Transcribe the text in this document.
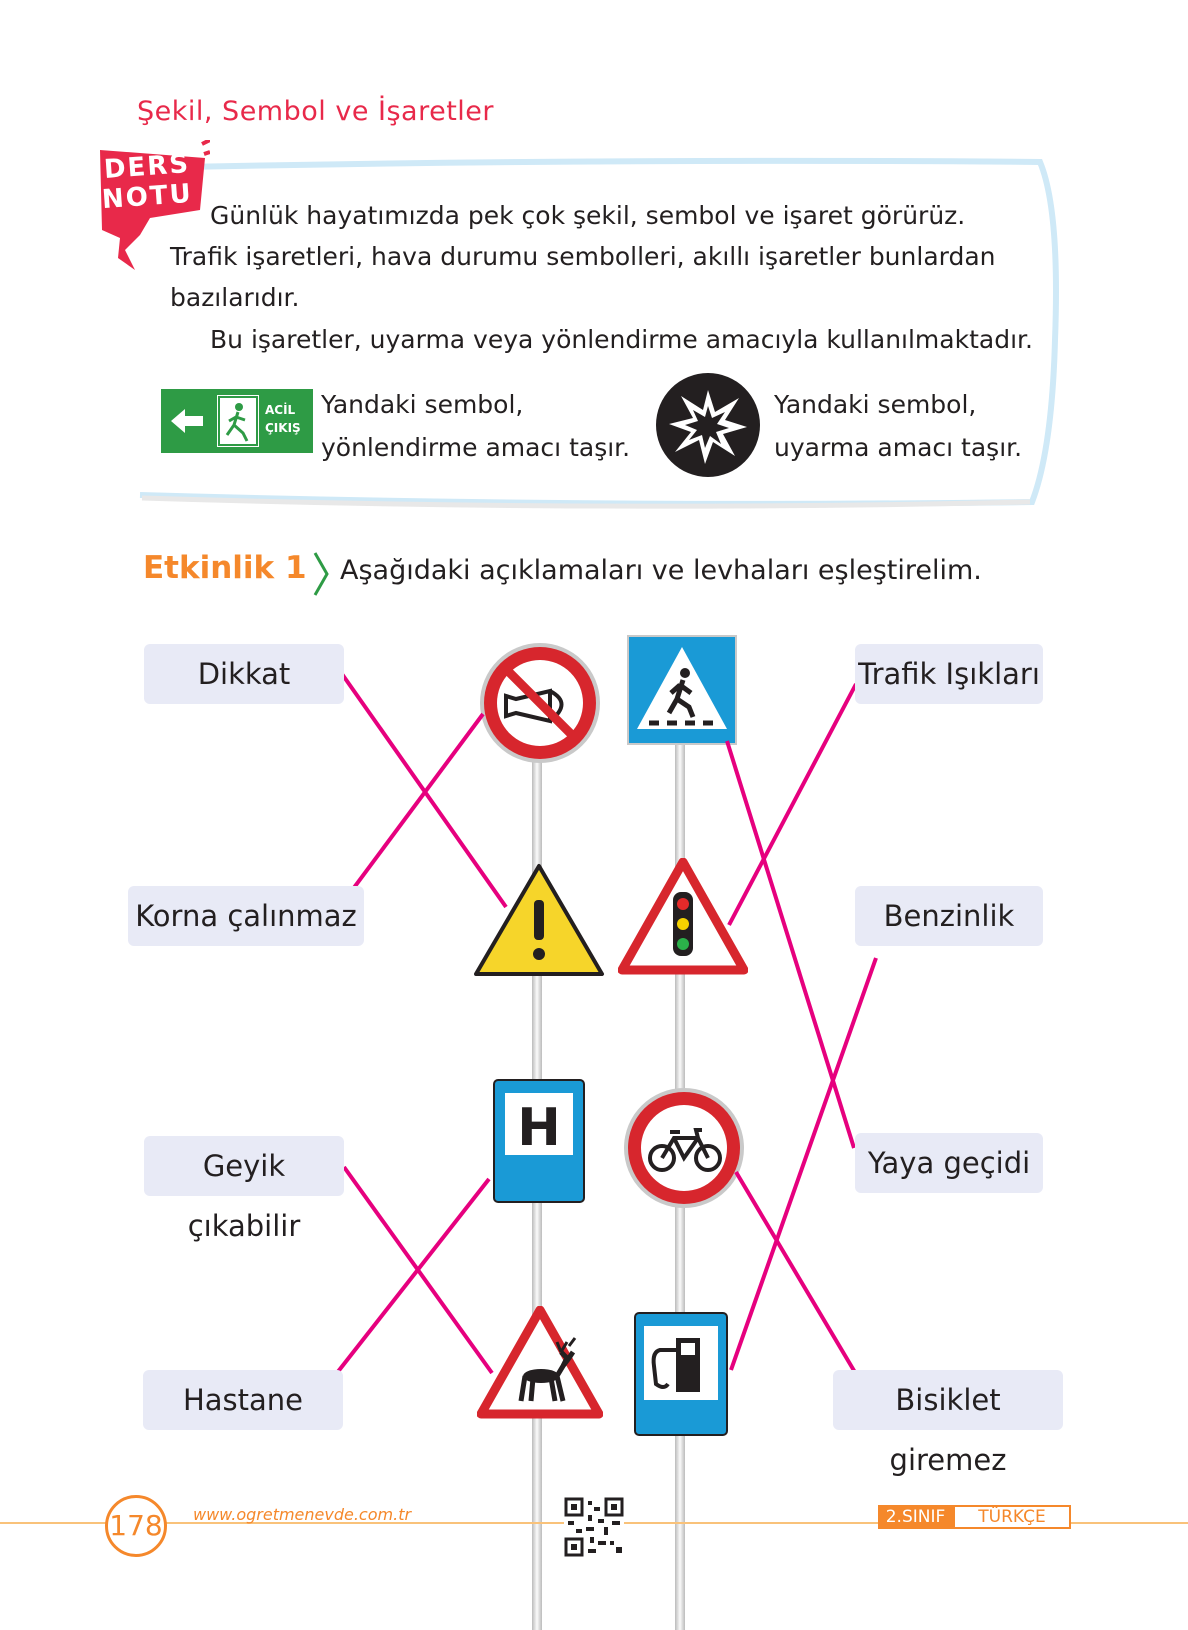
Şekil, Sembol ve İşaretler
DERS
NOTU
Günlük hayatımızda pek çok şekil, sembol ve işaret görürüz. Trafik işaretleri, hava durumu sembolleri, akıllı işaretler bunlardan bazılarıdır.
Bu işaretler, uyarma veya yönlendirme amacıyla kullanılmaktadır.
ACİL
ÇIKIŞ
Yandaki sembol,
yönlendirme amacı taşır.
Yandaki sembol,
uyarma amacı taşır.
Etkinlik 1 Aşağıdaki açıklamaları ve levhaları eşleştirelim.
H
Dikkat
Korna çalınmaz
Geyik çıkabilir
Hastane
Trafik Işıkları
Benzinlik
Yaya geçidi
Bisiklet giremez
178 www.ogretmenevde.com.tr	2.SINIF	TÜRKÇE
